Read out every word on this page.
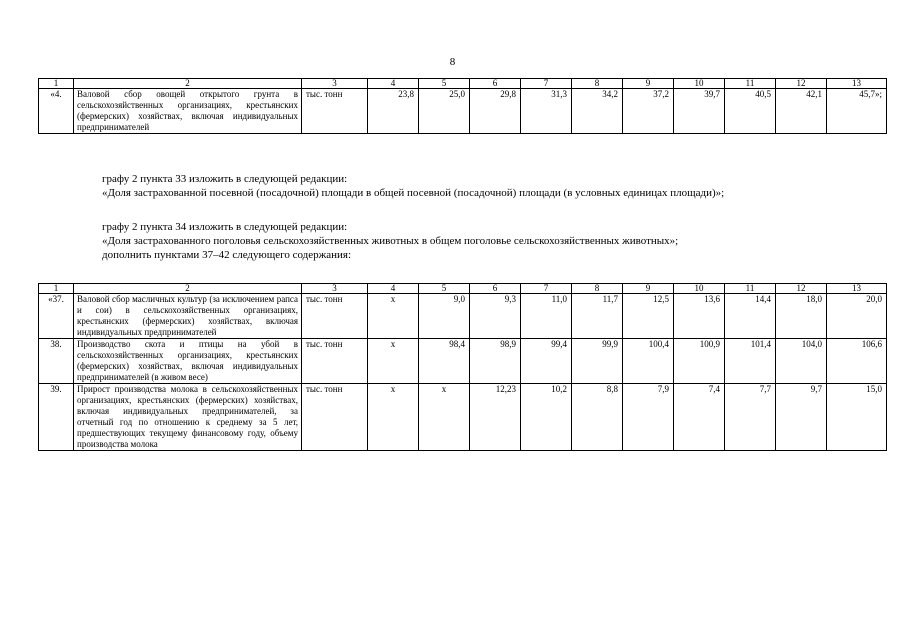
8
1	2	3	4	5	6	7	8	9	10	11	12	13
«4.	Валовой сбор овощей открытого грунта в сельскохозяйственных организациях, крестьянских (фермерских) хозяйствах, включая индивидуальных предпринимателей	тыс. тонн	23,8	25,0	29,8	31,3	34,2	37,2	39,7	40,5	42,1	45,7»;
графу 2 пункта 33 изложить в следующей редакции:
«Доля застрахованной посевной (посадочной) площади в общей посевной (посадочной) площади (в условных единицах площади)»;
графу 2 пункта 34 изложить в следующей редакции:
«Доля застрахованного поголовья сельскохозяйственных животных в общем поголовье сельскохозяйственных животных»;
дополнить пунктами 37–42 следующего содержания:
1	2	3	4	5	6	7	8	9	10	11	12	13
«37.	Валовой сбор масличных культур (за исключением рапса и сои) в сельскохозяйственных организациях, крестьянских (фермерских) хозяйствах, включая индивидуальных предпринимателей	тыс. тонн	x	9,0	9,3	11,0	11,7	12,5	13,6	14,4	18,0	20,0
38.	Производство скота и птицы на убой в сельскохозяйственных организациях, крестьянских (фермерских) хозяйствах, включая индивидуальных предпринимателей (в живом весе)	тыс. тонн	x	98,4	98,9	99,4	99,9	100,4	100,9	101,4	104,0	106,6
39.	Прирост производства молока в сельскохозяйственных организациях, крестьянских (фермерских) хозяйствах, включая индивидуальных предпринимателей, за отчетный год по отношению к среднему за 5 лет, предшествующих текущему финансовому году, объему производства молока	тыс. тонн	x	x	12,23	10,2	8,8	7,9	7,4	7,7	9,7	15,0
